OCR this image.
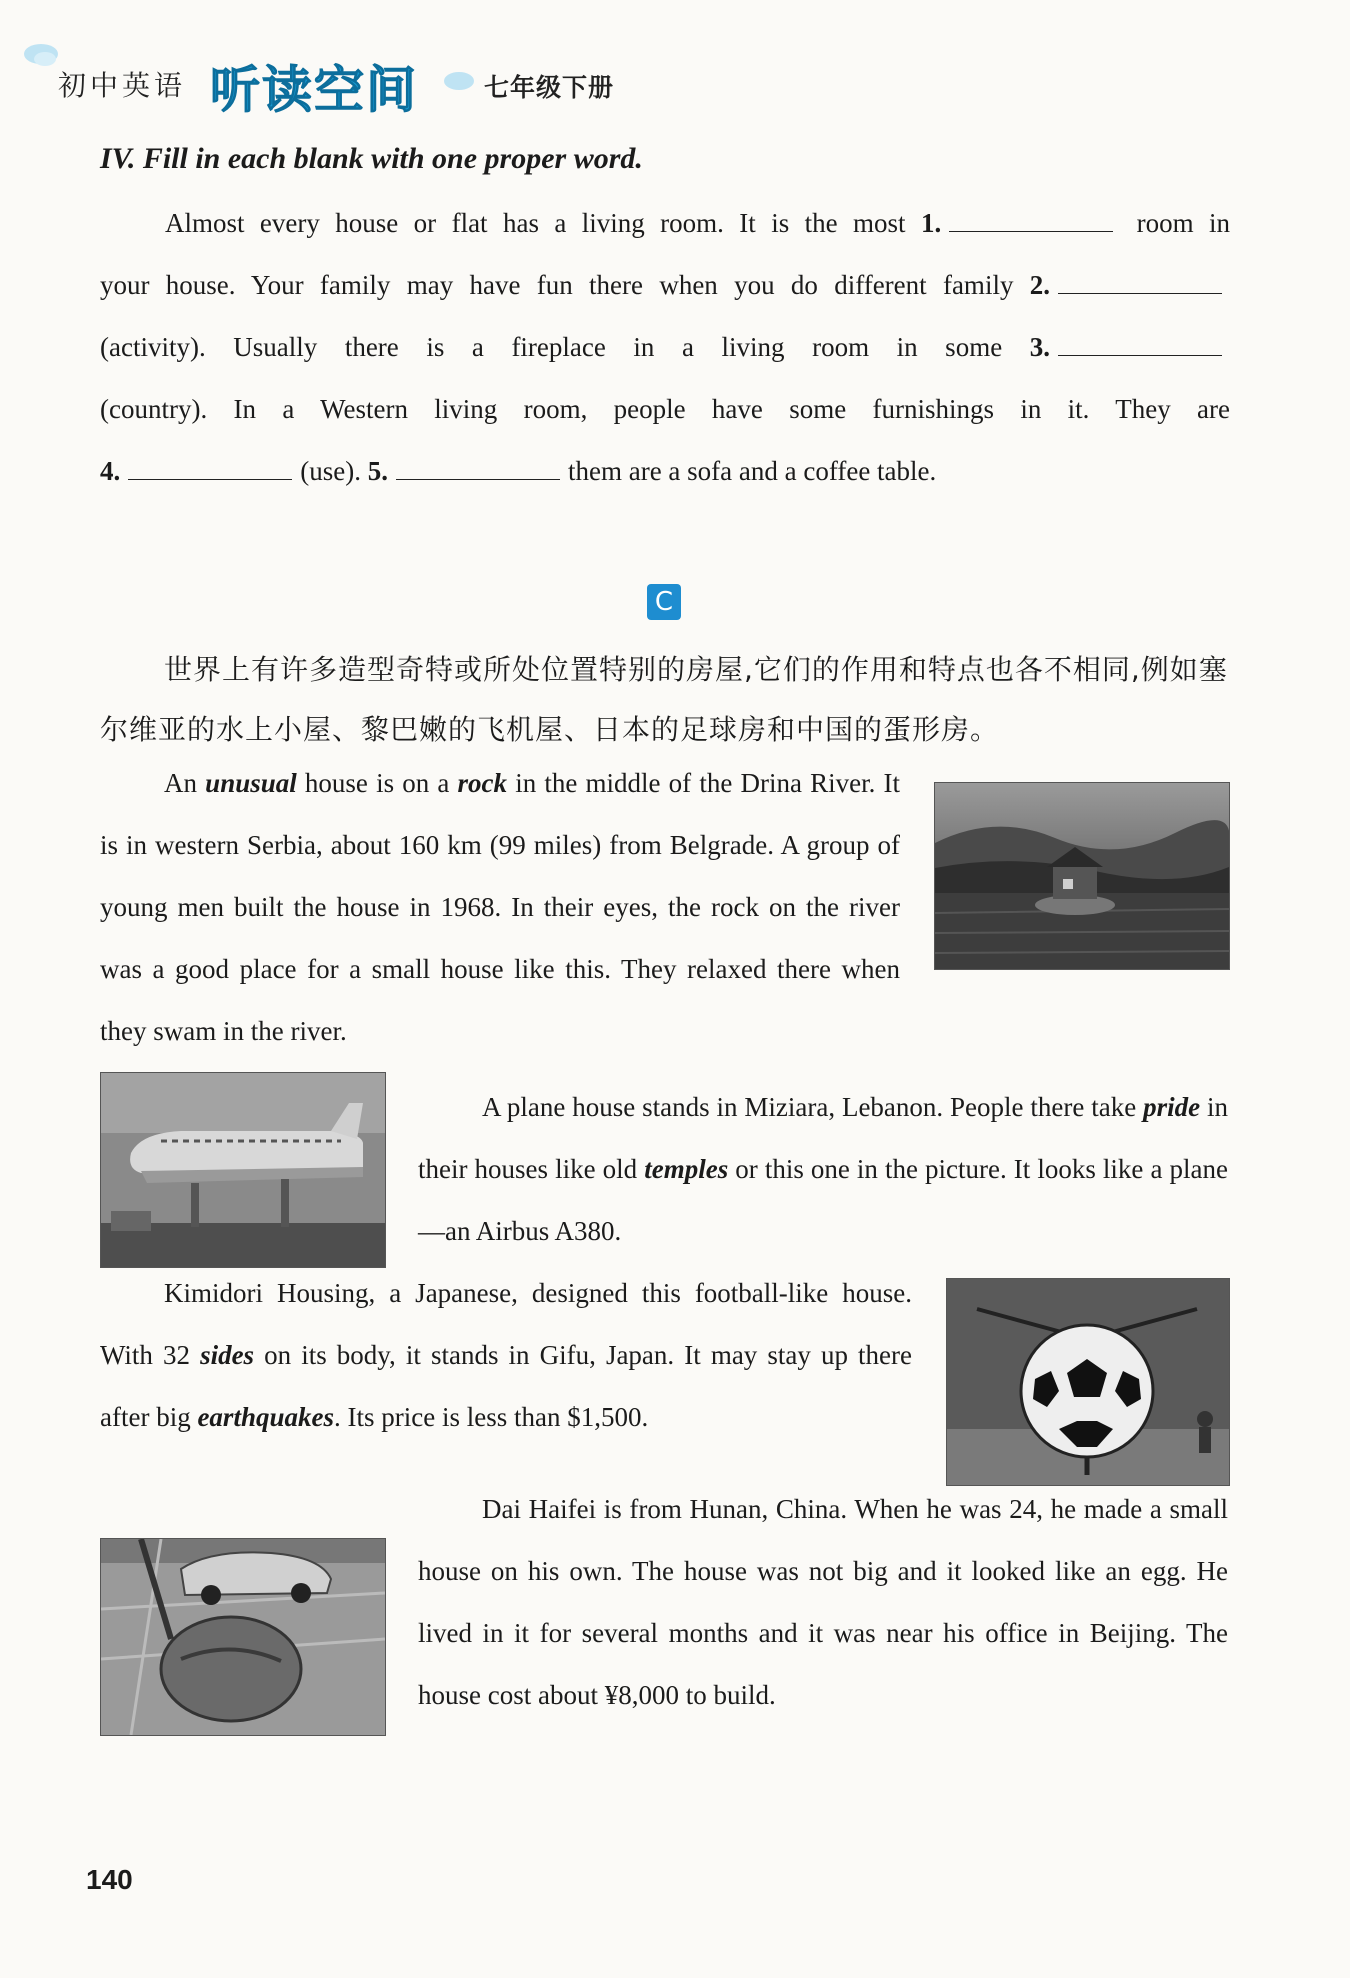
初中英语 听读空间	七年级下册
IV. Fill in each blank with one proper word.
Almost every house or flat has a living room. It is the most 1.	room in
your house. Your family may have fun there when you do different family 2.
(activity). Usually there is a fireplace in a living room in some 3.
(country). In a Western living room, people have some furnishings in it. They are
4.	(use). 5.	them are a sofa and a coffee table.
C
世界上有许多造型奇特或所处位置特别的房屋,它们的作用和特点也各不相同,例如塞尔维亚的水上小屋、黎巴嫩的飞机屋、日本的足球房和中国的蛋形房。
An unusual house is on a rock in the middle of the Drina River. It is in western Serbia, about 160 km (99 miles) from Belgrade. A group of young men built the house in 1968. In their eyes, the rock on the river was a good place for a small house like this. They relaxed there when they swam in the river.
A plane house stands in Miziara, Lebanon. People there take pride in their houses like old temples or this one in the picture. It looks like a plane—an Airbus A380.
Kimidori Housing, a Japanese, designed this football-like house. With 32 sides on its body, it stands in Gifu, Japan. It may stay up there after big earthquakes. Its price is less than $1,500.
Dai Haifei is from Hunan, China. When he was 24, he made a small house on his own. The house was not big and it looked like an egg. He lived in it for several months and it was near his office in Beijing. The house cost about ¥8,000 to build.
140
